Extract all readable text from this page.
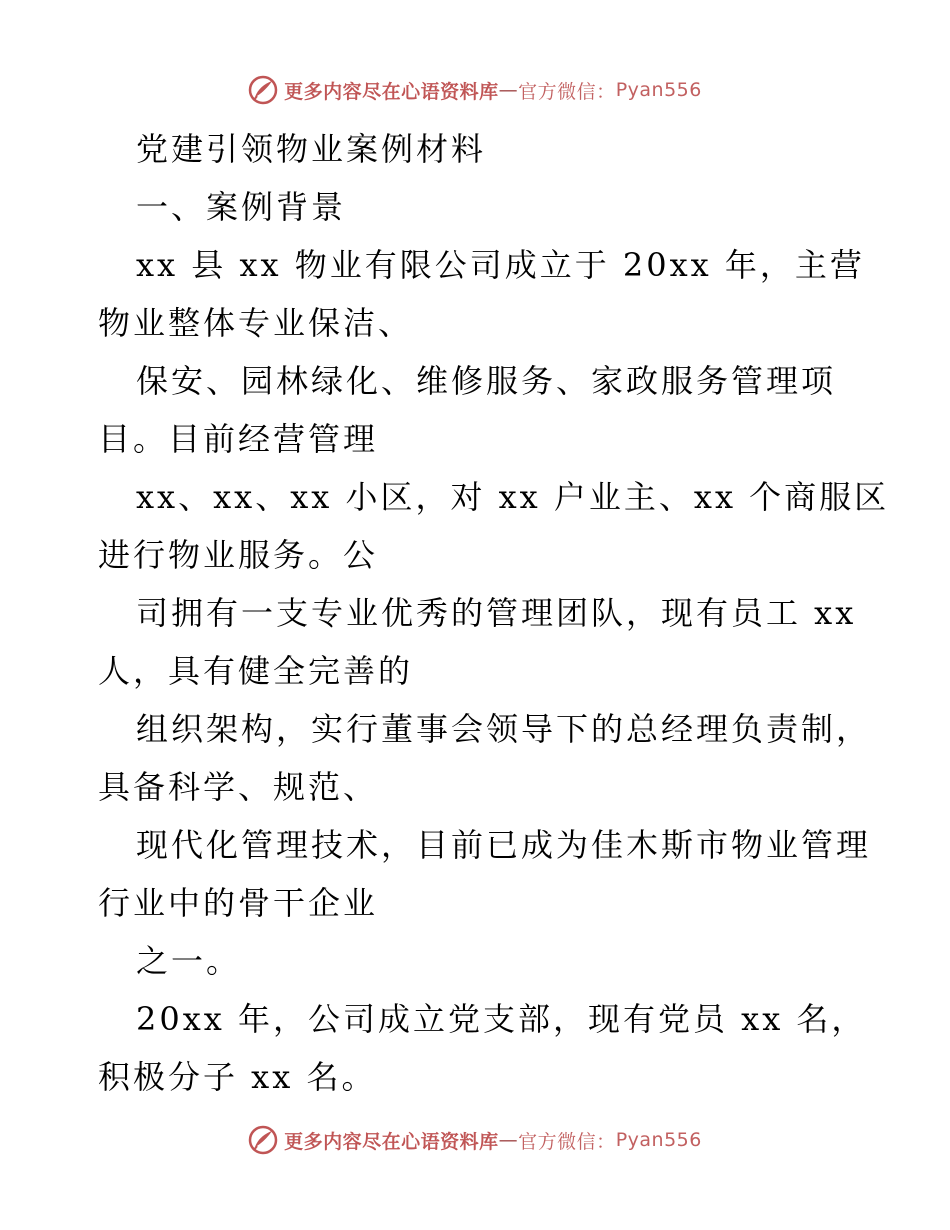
更多内容尽在心语资料库 — 官方微信： Pyan556
党建引领物业案例材料
一、案例背景
xx 县 xx 物业有限公司成立于 20xx 年，主营
物业整体专业保洁、
保安、园林绿化、维修服务、家政服务管理项
目。目前经营管理
xx、xx、xx 小区，对 xx 户业主、xx 个商服区
进行物业服务。公
司拥有一支专业优秀的管理团队，现有员工 xx
人，具有健全完善的
组织架构，实行董事会领导下的总经理负责制，
具备科学、规范、
现代化管理技术，目前已成为佳木斯市物业管理
行业中的骨干企业
之一。
20xx 年，公司成立党支部，现有党员 xx 名，
积极分子 xx 名。
更多内容尽在心语资料库 — 官方微信： Pyan556
